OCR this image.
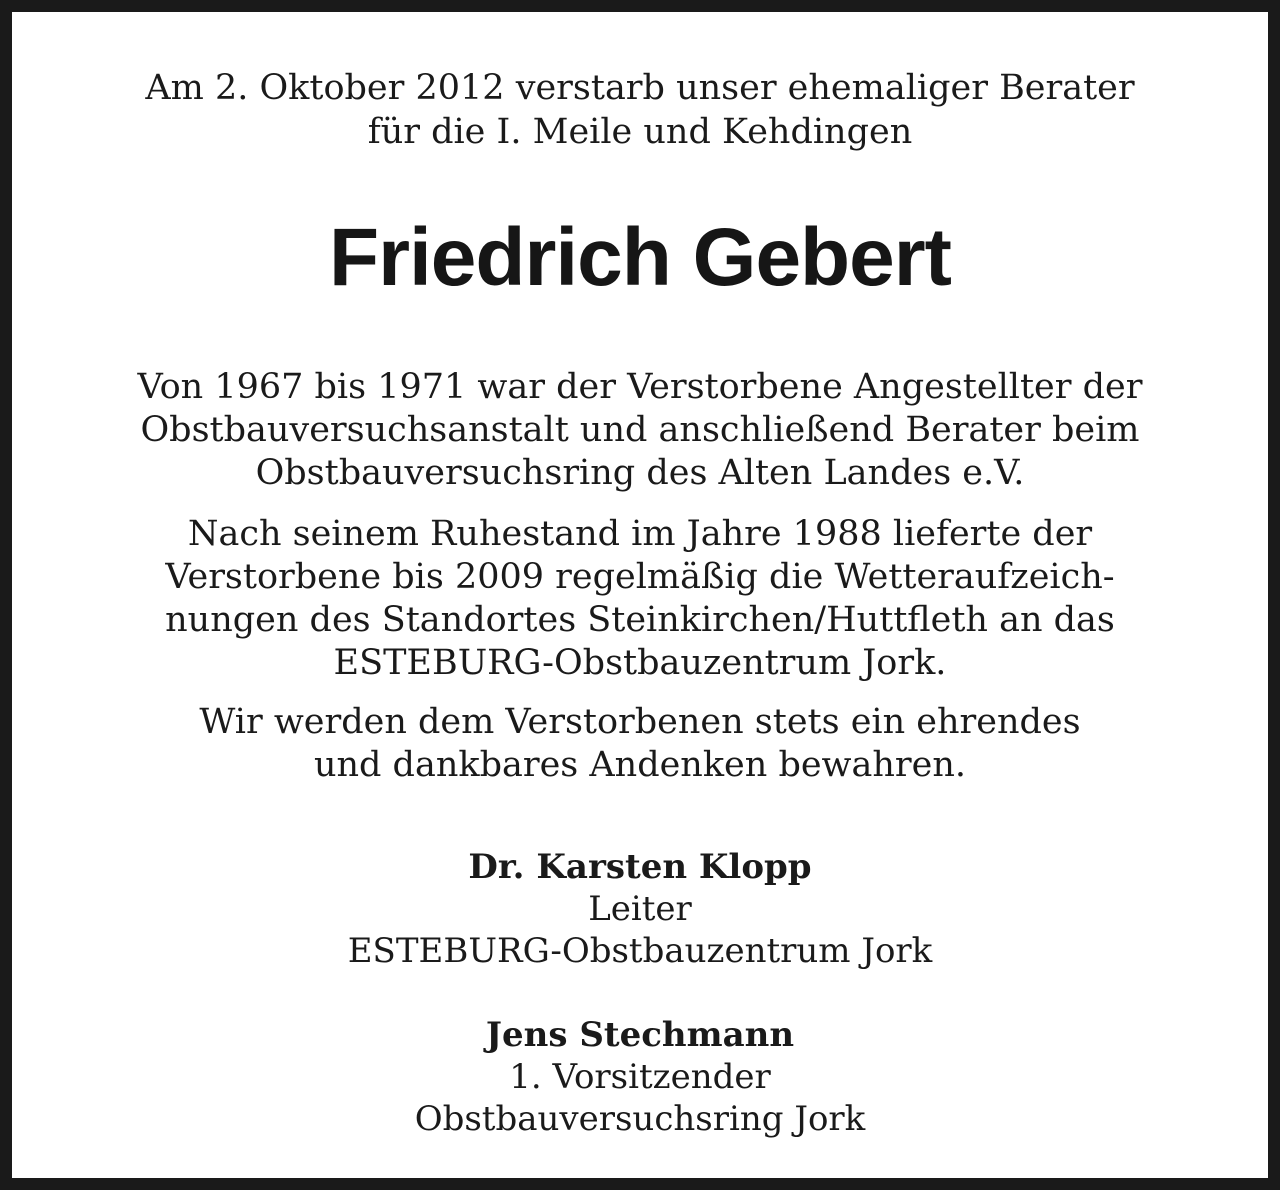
Am 2. Oktober 2012 verstarb unser ehemaliger Berater
für die I. Meile und Kehdingen
Friedrich Gebert
Von 1967 bis 1971 war der Verstorbene Angestellter der
Obstbauversuchsanstalt und anschließend Berater beim
Obstbauversuchsring des Alten Landes e.V.
Nach seinem Ruhestand im Jahre 1988 lieferte der
Verstorbene bis 2009 regelmäßig die Wetteraufzeich-
nungen des Standortes Steinkirchen/Huttfleth an das
ESTEBURG-Obstbauzentrum Jork.
Wir werden dem Verstorbenen stets ein ehrendes
und dankbares Andenken bewahren.
Dr. Karsten Klopp
Leiter
ESTEBURG-Obstbauzentrum Jork
Jens Stechmann
1. Vorsitzender
Obstbauversuchsring Jork
